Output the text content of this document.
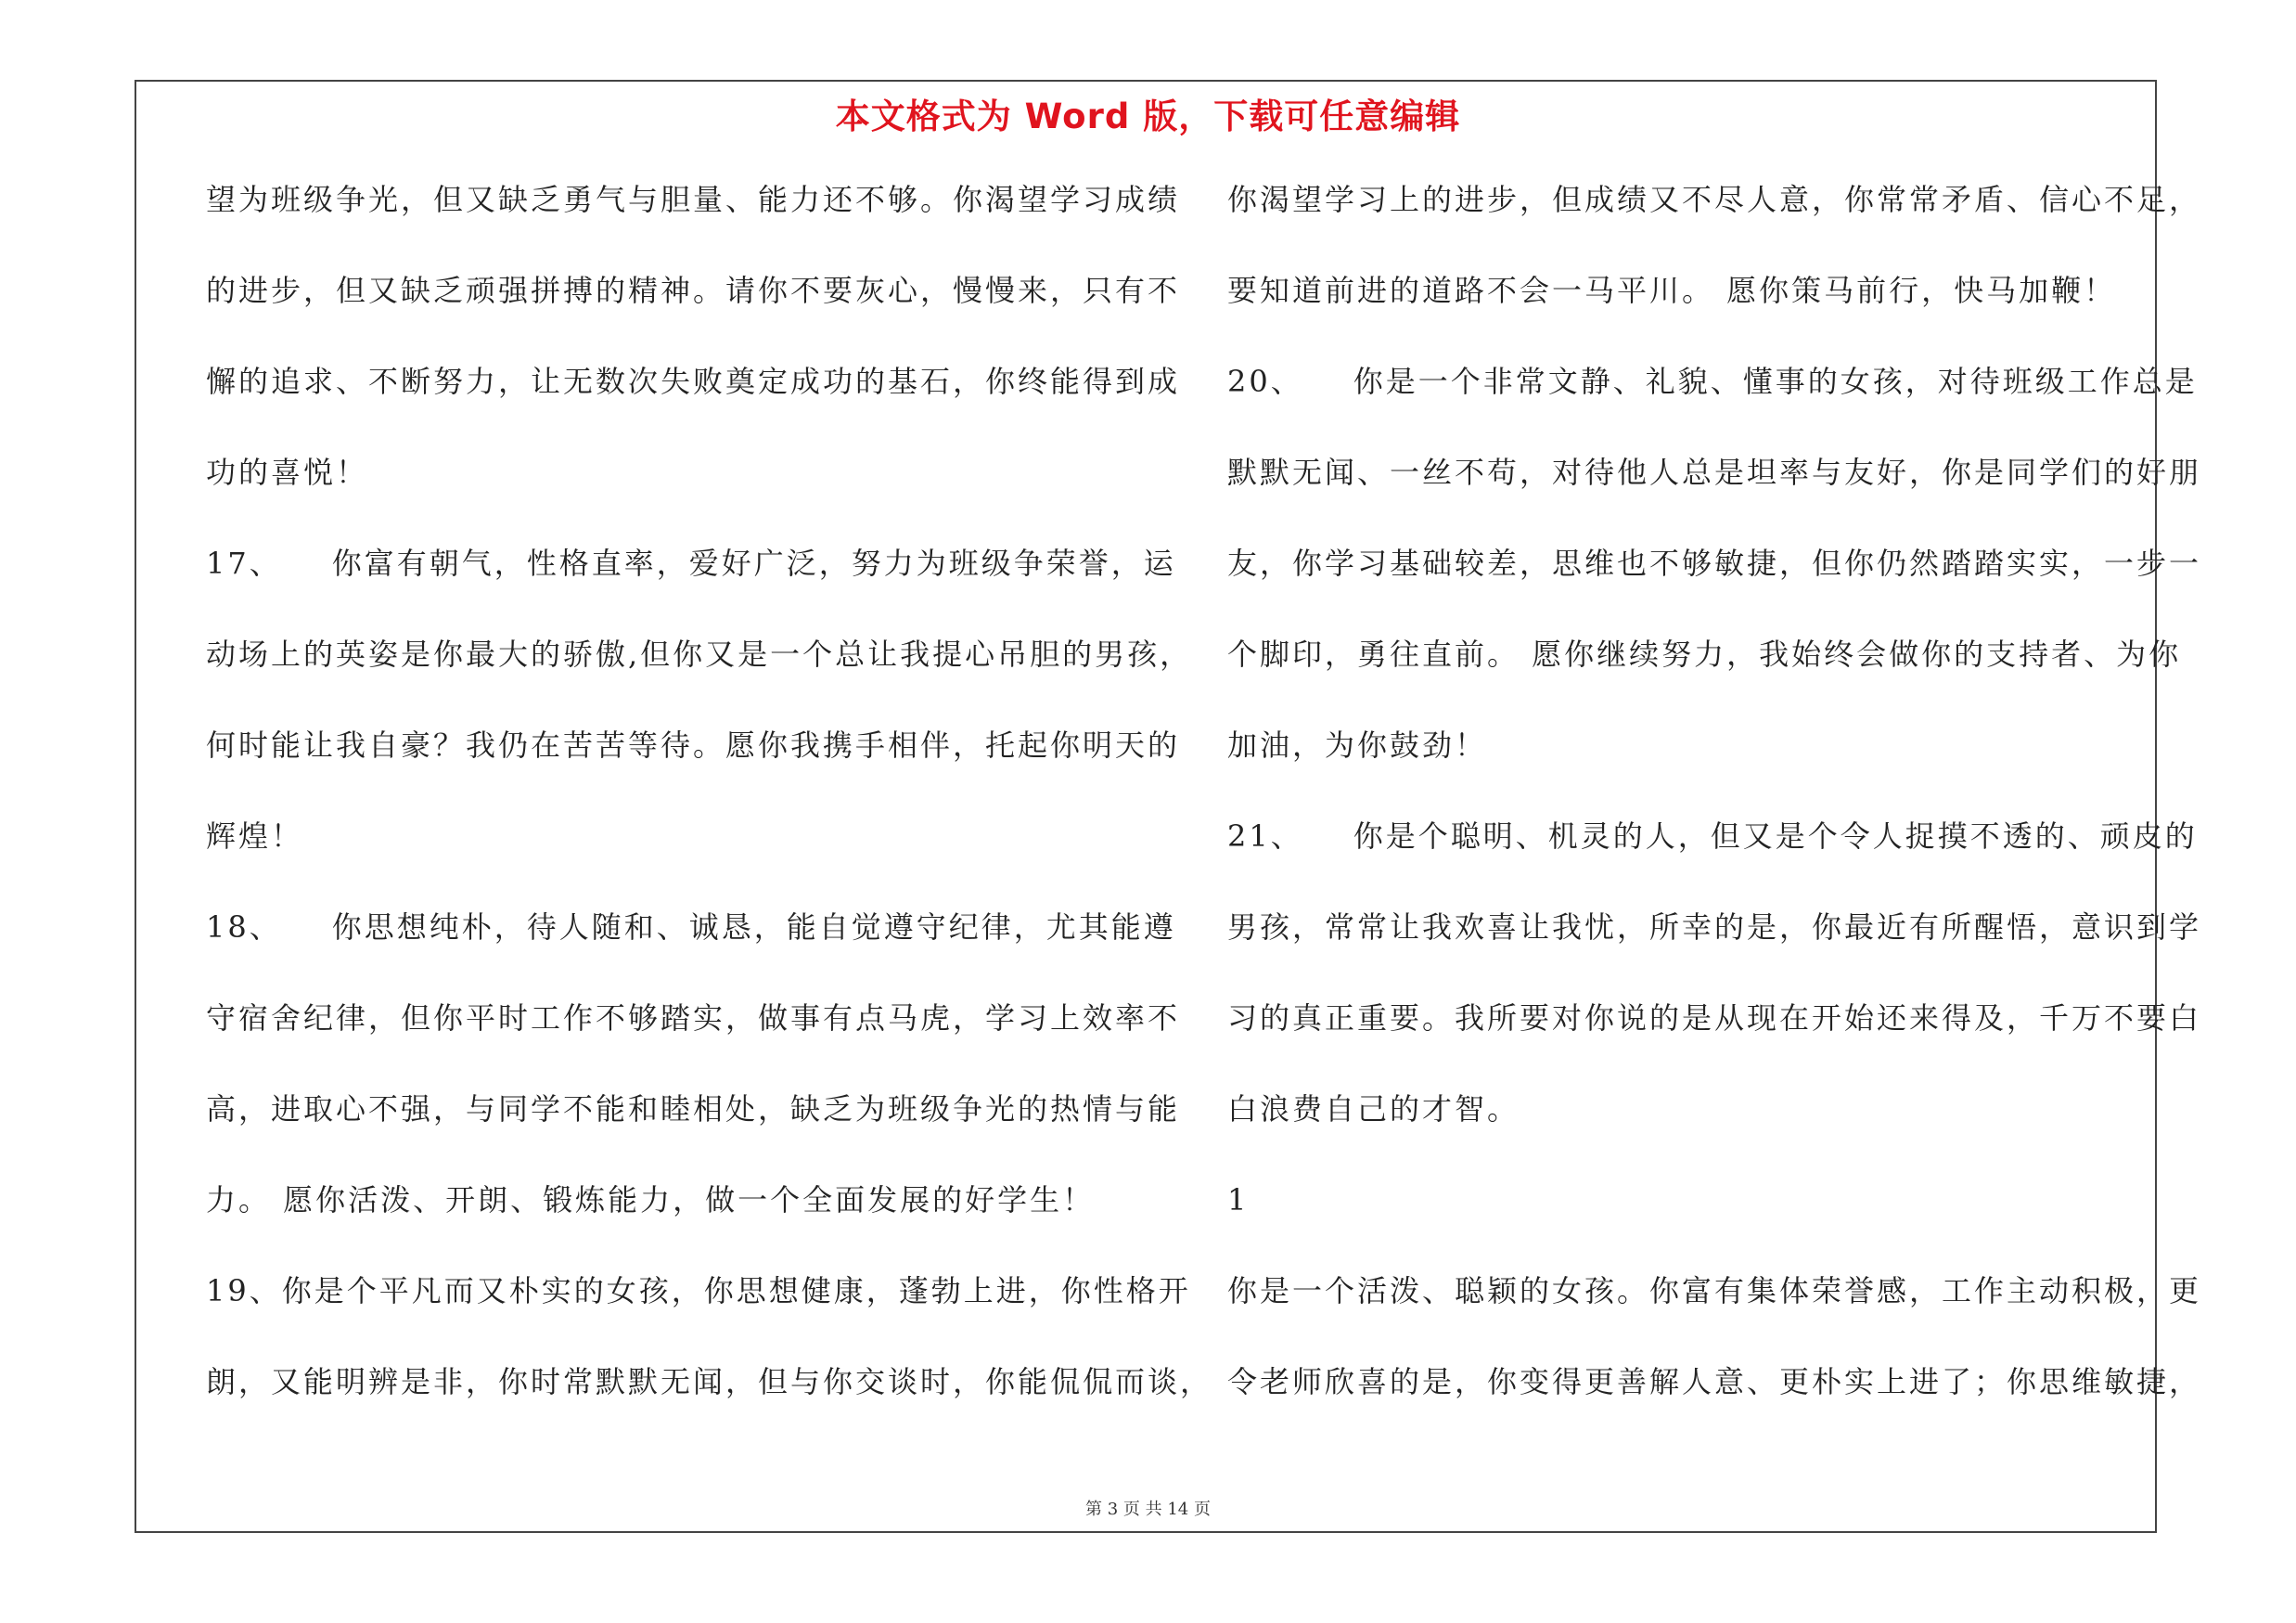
本文格式为 Word 版，下载可任意编辑
望为班级争光，但又缺乏勇气与胆量、能力还不够。你渴望学习成绩
的进步，但又缺乏顽强拼搏的精神。请你不要灰心，慢慢来，只有不
懈的追求、不断努力，让无数次失败奠定成功的基石，你终能得到成
功的喜悦！
17、　　你富有朝气，性格直率，爱好广泛，努力为班级争荣誉，运
动场上的英姿是你最大的骄傲,但你又是一个总让我提心吊胆的男孩，
何时能让我自豪？我仍在苦苦等待。愿你我携手相伴，托起你明天的
辉煌！
18、　　你思想纯朴，待人随和、诚恳，能自觉遵守纪律，尤其能遵
守宿舍纪律，但你平时工作不够踏实，做事有点马虎，学习上效率不
高，进取心不强，与同学不能和睦相处，缺乏为班级争光的热情与能
力。 愿你活泼、开朗、锻炼能力，做一个全面发展的好学生！
19、你是个平凡而又朴实的女孩，你思想健康，蓬勃上进，你性格开
朗，又能明辨是非，你时常默默无闻，但与你交谈时，你能侃侃而谈，
你渴望学习上的进步，但成绩又不尽人意，你常常矛盾、信心不足，
要知道前进的道路不会一马平川。 愿你策马前行，快马加鞭！
20、　　你是一个非常文静、礼貌、懂事的女孩，对待班级工作总是
默默无闻、一丝不苟，对待他人总是坦率与友好，你是同学们的好朋
友，你学习基础较差，思维也不够敏捷，但你仍然踏踏实实，一步一
个脚印，勇往直前。 愿你继续努力，我始终会做你的支持者、为你
加油，为你鼓劲！
21、　　你是个聪明、机灵的人，但又是个令人捉摸不透的、顽皮的
男孩，常常让我欢喜让我忧，所幸的是，你最近有所醒悟，意识到学
习的真正重要。我所要对你说的是从现在开始还来得及，千万不要白
白浪费自己的才智。
1
你是一个活泼、聪颖的女孩。你富有集体荣誉感，工作主动积极，更
令老师欣喜的是，你变得更善解人意、更朴实上进了；你思维敏捷，
第 3 页 共 14 页
